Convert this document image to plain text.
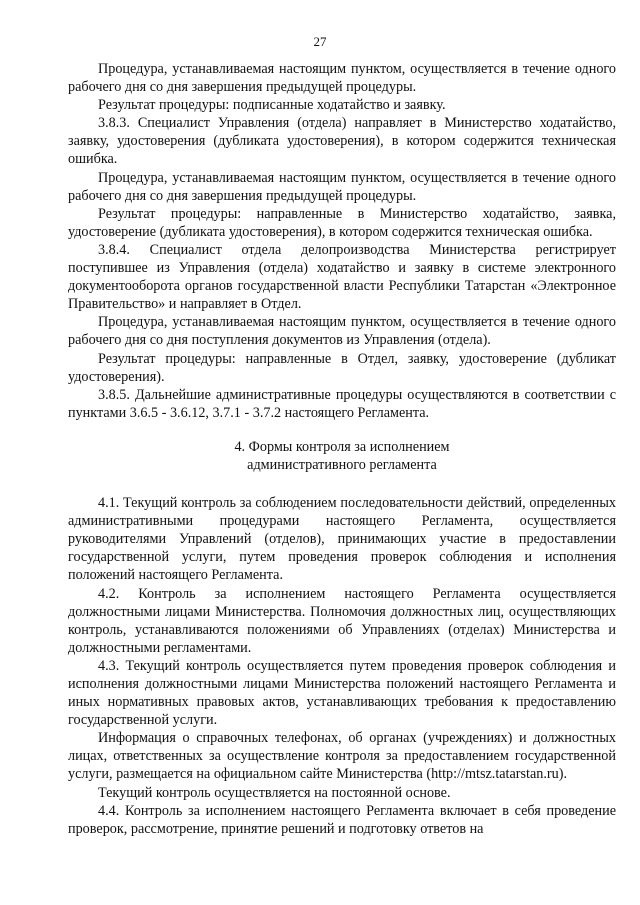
27

Процедура, устанавливаемая настоящим пунктом, осуществляется в течение одного рабочего дня со дня завершения предыдущей процедуры.

Результат процедуры: подписанные ходатайство и заявку.

3.8.3. Специалист Управления (отдела) направляет в Министерство ходатайство, заявку, удостоверения (дубликата удостоверения), в котором содержится техническая ошибка.

Процедура, устанавливаемая настоящим пунктом, осуществляется в течение одного рабочего дня со дня завершения предыдущей процедуры.

Результат процедуры: направленные в Министерство ходатайство, заявка, удостоверение (дубликата удостоверения), в котором содержится техническая ошибка.

3.8.4. Специалист отдела делопроизводства Министерства регистрирует поступившее из Управления (отдела) ходатайство и заявку в системе электронного документооборота органов государственной власти Республики Татарстан «Электронное Правительство» и направляет в Отдел.

Процедура, устанавливаемая настоящим пунктом, осуществляется в течение одного рабочего дня со дня поступления документов из Управления (отдела).

Результат процедуры: направленные в Отдел, заявку, удостоверение (дубликат удостоверения).

3.8.5. Дальнейшие административные процедуры осуществляются в соответствии с пунктами 3.6.5 - 3.6.12, 3.7.1 - 3.7.2 настоящего Регламента.

4. Формы контроля за исполнением
административного регламента

4.1. Текущий контроль за соблюдением последовательности действий, определенных административными процедурами настоящего Регламента, осуществляется руководителями Управлений (отделов), принимающих участие в предоставлении государственной услуги, путем проведения проверок соблюдения и исполнения положений настоящего Регламента.

4.2. Контроль за исполнением настоящего Регламента осуществляется должностными лицами Министерства. Полномочия должностных лиц, осуществляющих контроль, устанавливаются положениями об Управлениях (отделах) Министерства и должностными регламентами.

4.3. Текущий контроль осуществляется путем проведения проверок соблюдения и исполнения должностными лицами Министерства положений настоящего Регламента и иных нормативных правовых актов, устанавливающих требования к предоставлению государственной услуги.

Информация о справочных телефонах, об органах (учреждениях) и должностных лицах, ответственных за осуществление контроля за предоставлением государственной услуги, размещается на официальном сайте Министерства (http://mtsz.tatarstan.ru).

Текущий контроль осуществляется на постоянной основе.

4.4. Контроль за исполнением настоящего Регламента включает в себя проведение проверок, рассмотрение, принятие решений и подготовку ответов на
